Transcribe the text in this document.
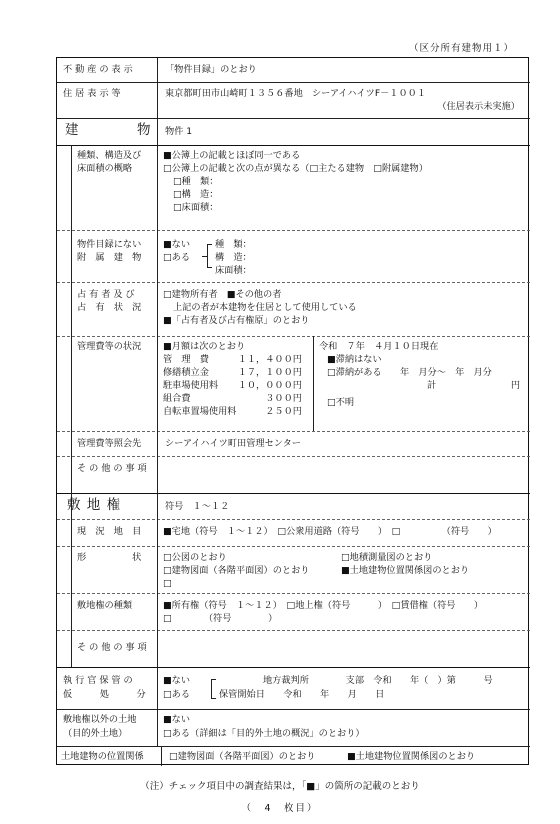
（区分所有建物用１）
不 動 産 の 表 示	「物件目録」のとおり
住 居 表 示 等	東京都町田市山崎町１３５６番地　シーアイハイツF－１００１
（住居表示未実施）
建	物 物件 1
種類、構造及び
床面積の概略
■公簿上の記載とほぼ同一である
□公簿上の記載と次の点が異なる（□主たる建物　□附属建物）
□種　類：
□構　造：
□床面積：
物件目録にない
附　属　建　物
■ない
□ある
種　類：
構　造：
床面積：
占 有 者 及 び
占　有　状　況
□建物所有者　■その他の者
上記の者が本建物を住居として使用している
■「占有者及び占有権原」のとおり
管理費等の状況 ■月額は次のとおり
管　理　費	１１，４００円
修繕積立金	１７，１００円
駐車場使用料 １０，０００円
組合費	３００円
自転車置場使用料	２５０円
令和　７年　４月１０日現在
■滞納はない
□滞納がある　　年　月分～　年　月分
計	円
□不明
管理費等照会先	シーアイハイツ町田管理センター
そ の 他 の 事 項
敷 地 権	符号　１～１２
現　況　地　目 ■宅地（符号　１～１２）　□公衆用道路（符号　　）　□　　　　　（符号　　）
形　　　　　状 □公図のとおり	□地積測量図のとおり
□建物図面（各階平面図）のとおり	■土地建物位置関係図のとおり
□
敷地権の種類	■所有権（符号　１～１２）　□地上権（符号　　　）　□賃借権（符号　　）
□　　　　（符号　　　　）
そ の 他 の 事 項
執 行 官 保 管 の
仮　　　処　　　分
■ない
□ある
地方裁判所　　　　支部　令和　　年（　）第　　　号
保管開始日　　令和　　年　　月　　日
敷地権以外の土地
（目的外土地）
■ない
□ある（詳細は「目的外土地の概況」のとおり）
土地建物の位置関係	□建物図面（各階平面図）のとおり	■土地建物位置関係図のとおり
（注）チェック項目中の調査結果は，「■」の箇所の記載のとおり
（　4　枚目）
